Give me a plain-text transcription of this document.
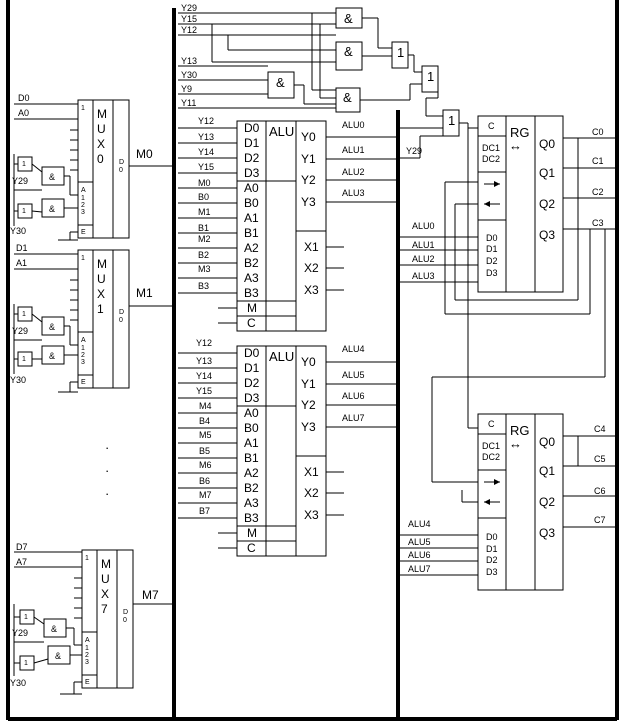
1 M
U
X
0 D
0
A
1
2
3
E
D0
A0
M0
1
&
1	&
Y29
Y30
1 M
U
X
1 D
0
A
1
2
3
E
D1
A1
M1
1
&
1	&
Y29
Y30
·
·
·
1 M
U
X
7 D
0
A
1
2
3
E
D7
A7
M7
1
&
1
&
Y29
Y30
Y29
Y15
Y12
Y13
Y30
Y9
Y11
&
&
&
&
1
1
1
Y29
ALU
D0
D1
D2
D3
A0
B0
A1
B1
A2
B2
A3
B3
M
C
Y0
Y1
Y2
Y3
X1
X2
X3
Y12
Y13
Y14
Y15
M0
B0
M1
B1
M2
B2
M3
B3
ALU0
ALU1
ALU2
ALU3
ALU
D0
D1
D2
D3
A0
B0
A1
B1
A2
B2
A3
B3
M
C
Y0
Y1
Y2
Y3
X1
X2
X3
Y12
Y13
Y14
Y15
M4
B4
M5
B5
M6
B6
M7
B7
ALU4
ALU5
ALU6
ALU7
C
DC1
DC2
RG
↔
D0
D1
D2
D3
Q0
Q1
Q2
Q3
ALU0
ALU1
ALU2
ALU3
C0
C1
C2
C3
C
DC1
DC2
RG
↔
D0
D1
D2
D3
Q0
Q1
Q2
Q3
ALU4
ALU5
ALU6
ALU7
C4
C5
C6
C7
